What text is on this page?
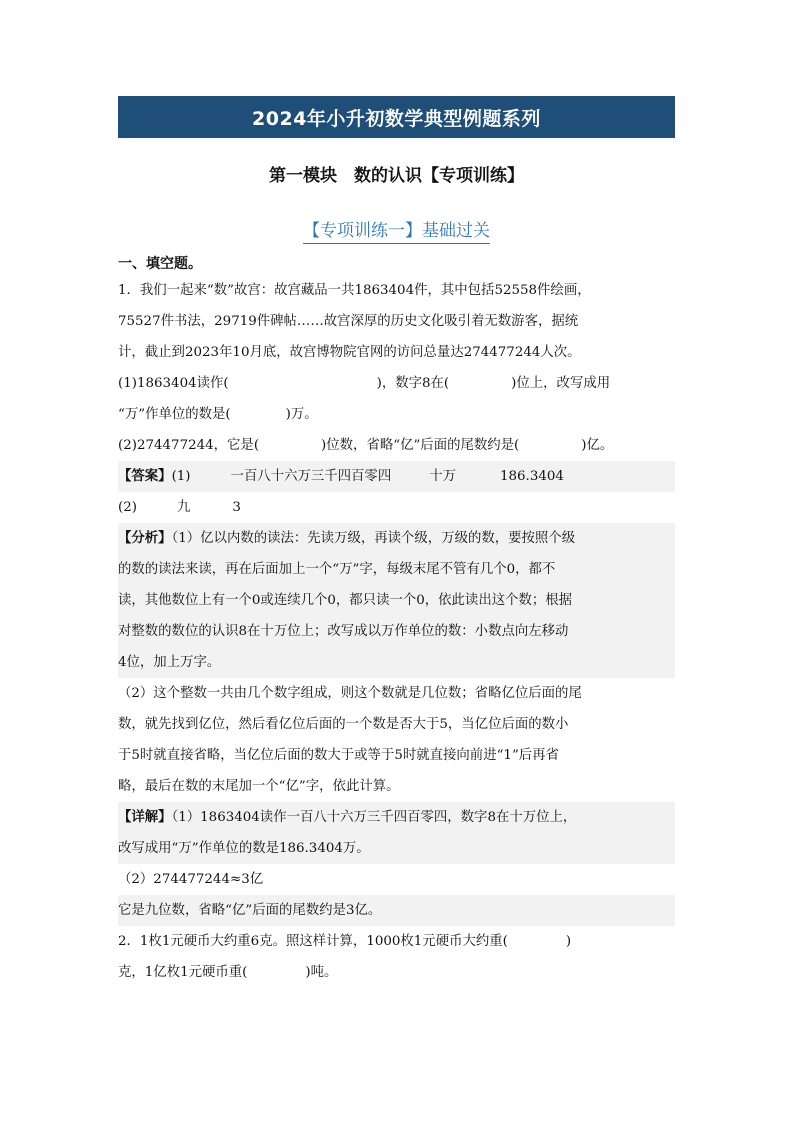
2024年小升初数学典型例题系列
第一模块　数的认识【专项训练】
【专项训练一】基础过关
一、填空题。
1．我们一起来“数”故宫：故宫藏品一共1863404件，其中包括52558件绘画，
75527件书法，29719件碑帖……故宫深厚的历史文化吸引着无数游客，据统
计，截止到2023年10月底，故宫博物院官网的访问总量达274477244人次。
(1)1863404读作(	)，数字8在(	)位上，改写成用
“万”作单位的数是(	)万。
(2)274477244，它是(	)位数，省略“亿”后面的尾数约是(	)亿。
【答案】(1)	一百八十六万三千四百零四	十万	186.3404
(2)	九	3
【分析】（1）亿以内数的读法：先读万级，再读个级，万级的数，要按照个级
的数的读法来读，再在后面加上一个“万”字，每级末尾不管有几个0，都不
读，其他数位上有一个0或连续几个0，都只读一个0，依此读出这个数；根据
对整数的数位的认识8在十万位上；改写成以万作单位的数：小数点向左移动
4位，加上万字。
（2）这个整数一共由几个数字组成，则这个数就是几位数；省略亿位后面的尾
数，就先找到亿位，然后看亿位后面的一个数是否大于5，当亿位后面的数小
于5时就直接省略，当亿位后面的数大于或等于5时就直接向前进“1”后再省
略，最后在数的末尾加一个“亿”字，依此计算。
【详解】（1）1863404读作一百八十六万三千四百零四，数字8在十万位上，
改写成用“万”作单位的数是186.3404万。
（2）274477244≈3亿
它是九位数，省略“亿”后面的尾数约是3亿。
2．1枚1元硬币大约重6克。照这样计算，1000枚1元硬币大约重(	)
克，1亿枚1元硬币重(	)吨。
